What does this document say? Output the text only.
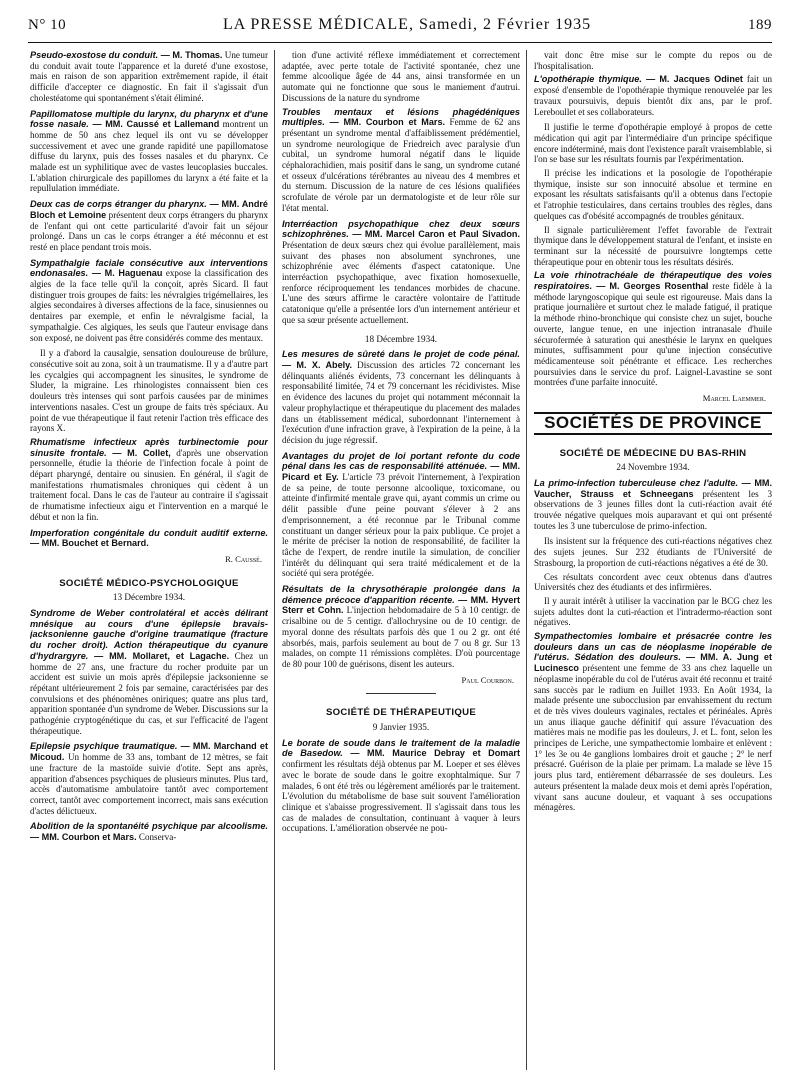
N° 10	LA PRESSE MÉDICALE, Samedi, 2 Février 1935	189

Pseudo-exostose du conduit. — M. Thomas. Une tumeur du conduit avait toute l'apparence et la dureté d'une exostose, mais en raison de son apparition extrêmement rapide, il était difficile d'accepter ce diagnostic. En fait il s'agissait d'un cholestéatome qui spontanément s'était éliminé.

Papillomatose multiple du larynx, du pharynx et d'une fosse nasale. — MM. Caussé et Lallemand montrent un homme de 50 ans chez lequel ils ont vu se développer successivement et avec une grande rapidité une papillomatose diffuse du larynx, puis des fosses nasales et du pharynx. Ce malade est un syphilitique avec de vastes leucoplasies buccales. L'ablation chirurgicale des papillomes du larynx a été faite et la repullulation immédiate.

Deux cas de corps étranger du pharynx. — MM. André Bloch et Lemoine présentent deux corps étrangers du pharynx de l'enfant qui ont cette particularité d'avoir fait un séjour prolongé. Dans un cas le corps étranger a été méconnu et est resté en place pendant trois mois.

Sympathalgie faciale consécutive aux interventions endonasales. — M. Haguenau expose la classification des algies de la face telle qu'il la conçoit, après Sicard. Il faut distinguer trois groupes de faits: les névralgies trigémellaires, les algies secondaires à diverses affections de la face, sinusiennes ou dentaires par exemple, et enfin le névralgisme facial, la sympathalgie. Ces algiques, les seuls que l'auteur envisage dans son exposé, ne doivent pas être considérés comme des mentaux.

Il y a d'abord la causalgie, sensation douloureuse de brûlure, consécutive soit au zona, soit à un traumatisme. Il y a d'autre part les cycalgies qui accompagnent les sinusites, le syndrome de Sluder, la migraine. Les rhinologistes connaissent bien ces douleurs très intenses qui sont parfois causées par de minimes interventions nasales. C'est un groupe de faits très spéciaux. Au point de vue thérapeutique il faut retenir l'action très efficace des rayons X.

Rhumatisme infectieux après turbinectomie pour sinusite frontale. — M. Collet, d'après une observation personnelle, étudie la théorie de l'infection focale à point de départ pharyngé, dentaire ou sinusien. En général, il s'agit de manifestations rhumatismales chroniques qui cèdent à un traitement focal. Dans le cas de l'auteur au contraire il s'agissait de rhumatisme infectieux aigu et l'intervention en a marqué le début et non la fin.

Imperforation congénitale du conduit auditif externe. — MM. Bouchet et Bernard.

R. Caussé.
SOCIÉTÉ MÉDICO-PSYCHOLOGIQUE
13 Décembre 1934.

Syndrome de Weber controlatéral et accès délirant mnésique au cours d'une épilepsie bravais-jacksonienne gauche d'origine traumatique (fracture du rocher droit). Action thérapeutique du cyanure d'hydrargyre. — MM. Mollaret, et Lagache. Chez un homme de 27 ans, une fracture du rocher produite par un accident est suivie un mois après d'épilepsie jacksonienne se répétant ultérieurement 2 fois par semaine, caractérisées par des convulsions et des phénomènes oniriques; quatre ans plus tard, apparition spontanée d'un syndrome de Weber. Discussions sur la pathogénie cryptogénétique du cas, et sur l'efficacité de l'agent thérapeutique.

Epilepsie psychique traumatique. — MM. Marchand et Micoud. Un homme de 33 ans, tombant de 12 mètres, se fait une fracture de la mastoïde suivie d'otite. Sept ans après, apparition d'absences psychiques de plusieurs minutes. Plus tard, accès d'automatisme ambulatoire tantôt avec comportement correct, tantôt avec comportement incorrect, mais sans exécution d'actes délictueux.

Abolition de la spontanéité psychique par alcoolisme. — MM. Courbon et Mars. Conserva-

tion d'une activité réflexe immédiatement et correctement adaptée, avec perte totale de l'activité spontanée, chez une femme alcoolique âgée de 44 ans, ainsi transformée en un automate qui ne fonctionne que sous le maniement d'autrui. Discussions de la nature du syndrome

Troubles mentaux et lésions phagédéniques multiples. — MM. Courbon et Mars. Femme de 62 ans présentant un syndrome mental d'affaiblissement prédémentiel, un syndrome neurologique de Friedreich avec paralysie d'un cubital, un syndrome humoral négatif dans le liquide céphalorachidien, mais positif dans le sang, un syndrome cutané et osseux d'ulcérations térébrantes au niveau des 4 membres et du sternum. Discussion de la nature de ces lésions qualifiées scrofulate de vérole par un dermatologiste et de leur rôle sur l'état mental.

Interréaction psychopathique chez deux sœurs schizophrènes. — MM. Marcel Caron et Paul Sivadon. Présentation de deux sœurs chez qui évolue parallèlement, mais suivant des phases non absolument synchrones, une schizophrénie avec éléments d'aspect catatonique. Une interréaction psychopathique, avec fixation homosexuelle, renforce réciproquement les tendances morbides de chacune. L'une des sœurs affirme le caractère volontaire de l'attitude catatonique qu'elle a présentée lors d'un internement antérieur et que sa sœur présente actuellement.

18 Décembre 1934.

Les mesures de sûreté dans le projet de code pénal. — M. X. Abely. Discussion des articles 72 concernant les délinquants aliénés évidents, 73 concernant les délinquants à responsabilité limitée, 74 et 79 concernant les récidivistes. Mise en évidence des lacunes du projet qui notamment méconnait la valeur prophylactique et thérapeutique du placement des malades dans un établissement médical, subordonnant l'internement à l'exécution d'une infraction grave, à l'expiration de la peine, à la décision du juge régressif.

Avantages du projet de loi portant refonte du code pénal dans les cas de responsabilité atténuée. — MM. Picard et Ey. L'article 73 prévoit l'internement, à l'expiration de sa peine, de toute personne alcoolique, toxicomane, ou atteinte d'infirmité mentale grave qui, ayant commis un crime ou délit passible d'une peine pouvant s'élever à 2 ans d'emprisonnement, a été reconnue par le Tribunal comme constituant un danger sérieux pour la paix publique. Ce projet a le mérite de préciser la notion de responsabilité, de faciliter la tâche de l'expert, de rendre inutile la simulation, de concilier l'intérêt du délinquant qui sera traité médicalement et de la société qui sera protégée.

Résultats de la chrysothérapie prolongée dans la démence précoce d'apparition récente. — MM. Hyvert Sterr et Cohn. L'injection hebdomadaire de 5 à 10 centigr. de crisalbine ou de 5 centigr. d'allochrysine ou de 10 centigr. de myoral donne des résultats parfois dès que 1 ou 2 gr. ont été absorbés, mais, parfois seulement au bout de 7 ou 8 gr. Sur 13 malades, on compte 11 rémissions complètes. D'où pourcentage de 80 pour 100 de guérisons, disent les auteurs.

Paul Courbon.
SOCIÉTÉ DE THÉRAPEUTIQUE
9 Janvier 1935.

Le borate de soude dans le traitement de la maladie de Basedow. — MM. Maurice Debray et Domart confirment les résultats déjà obtenus par M. Loeper et ses élèves avec le borate de soude dans le goitre exophtalmique. Sur 7 malades, 6 ont été très ou légèrement améliorés par le traitement. L'évolution du métabolisme de base suit souvent l'amélioration clinique et s'abaisse progressivement. Il s'agissait dans tous les cas de malades de consultation, continuant à vaquer à leurs occupations. L'amélioration observée ne pou-

vait donc être mise sur le compte du repos ou de l'hospitalisation.

L'opothérapie thymique. — M. Jacques Odinet fait un exposé d'ensemble de l'opothérapie thymique renouvelée par les travaux poursuivis, depuis bientôt dix ans, par le prof. Lereboullet et ses collaborateurs.

Il justifie le terme d'opothérapie employé à propos de cette médication qui agit par l'intermédiaire d'un principe spécifique encore indéterminé, mais dont l'existence paraît vraisemblable, si l'on se base sur les résultats fournis par l'expérimentation.

Il précise les indications et la posologie de l'opothérapie thymique, insiste sur son innocuité absolue et termine en exposant les résultats satisfaisants qu'il a obtenus dans l'ectopie et l'atrophie testiculaires, dans certains troubles des règles, dans quelques cas d'obésité accompagnés de troubles génitaux.

Il signale particulièrement l'effet favorable de l'extrait thymique dans le développement statural de l'enfant, et insiste en terminant sur la nécessité de poursuivre longtemps cette thérapeutique pour en obtenir tous les résultats désirés.

La voie rhinotrachéale de thérapeutique des voies respiratoires. — M. Georges Rosenthal reste fidèle à la méthode laryngoscopique qui seule est rigoureuse. Mais dans la pratique journalière et surtout chez le malade fatigué, il pratique la méthode rhino-bronchique qui consiste chez un sujet, bouche ouverte, langue tenue, en une injection intranasale d'huile sécurofermée à saturation qui anesthésie le larynx en quelques minutes, suffisamment pour qu'une injection consécutive médicamenteuse soit pénétrante et efficace. Les recherches poursuivies dans le service du prof. Laignel-Lavastine se sont montrées d'une parfaite innocuité.

Marcel Laemmer.
SOCIÉTÉS DE PROVINCE
SOCIÉTÉ DE MÉDECINE DU BAS-RHIN
24 Novembre 1934.

La primo-infection tuberculeuse chez l'adulte. — MM. Vaucher, Strauss et Schneegans présentent les 3 observations de 3 jeunes filles dont la cuti-réaction avait été trouvée négative quelques mois auparavant et qui ont présenté toutes les 3 une tuberculose de primo-infection.

Ils insistent sur la fréquence des cuti-réactions négatives chez des sujets jeunes. Sur 232 étudiants de l'Université de Strasbourg, la proportion de cuti-réactions négatives a été de 30.

Ces résultats concordent avec ceux obtenus dans d'autres Universités chez des étudiants et des infirmières.

Il y aurait intérêt à utiliser la vaccination par le BCG chez les sujets adultes dont la cuti-réaction et l'intradermo-réaction sont négatives.

Sympathectomies lombaire et présacrée contre les douleurs dans un cas de néoplasme inopérable de l'utérus. Sédation des douleurs. — MM. A. Jung et Lucinesco présentent une femme de 33 ans chez laquelle un néoplasme inopérable du col de l'utérus avait été reconnu et traité sans succès par le radium en Juillet 1933. En Août 1934, la malade présente une subocclusion par envahissement du rectum et de très vives douleurs vaginales, rectales et périnéales. Après un anus iliaque gauche définitif qui assure l'évacuation des matières mais ne modifie pas les douleurs, J. et L. font, selon les principes de Leriche, une sympathectomie lombaire et enlèvent : 1° les 3e ou 4e ganglions lombaires droit et gauche ; 2° le nerf présacré. Guérison de la plaie per primam. La malade se lève 15 jours plus tard, entièrement débarrassée de ses douleurs. Les auteurs présentent la malade deux mois et demi après l'opération, vivant sans aucune douleur, et vaquant à ses occupations ménagères.
